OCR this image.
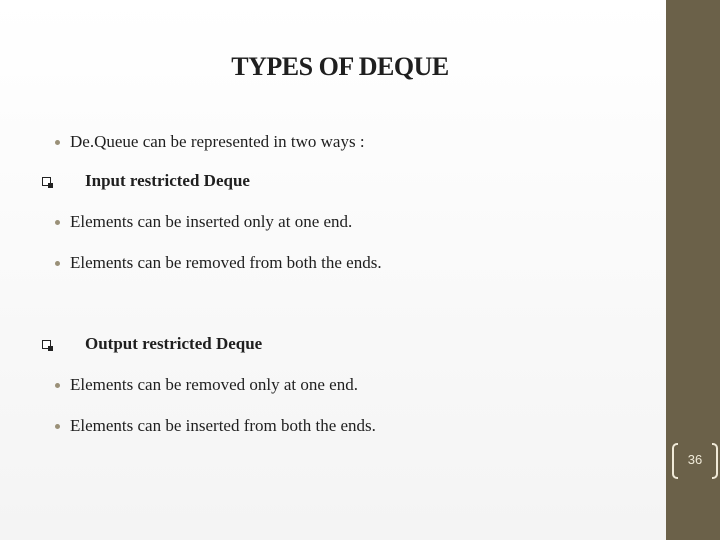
TYPES OF DEQUE
De.Queue can be represented in two ways :
Input restricted Deque
Elements can be inserted only at one end.
Elements can be removed from both the ends.
Output restricted Deque
Elements can be removed only at one end.
Elements can be inserted from both the ends.
36
